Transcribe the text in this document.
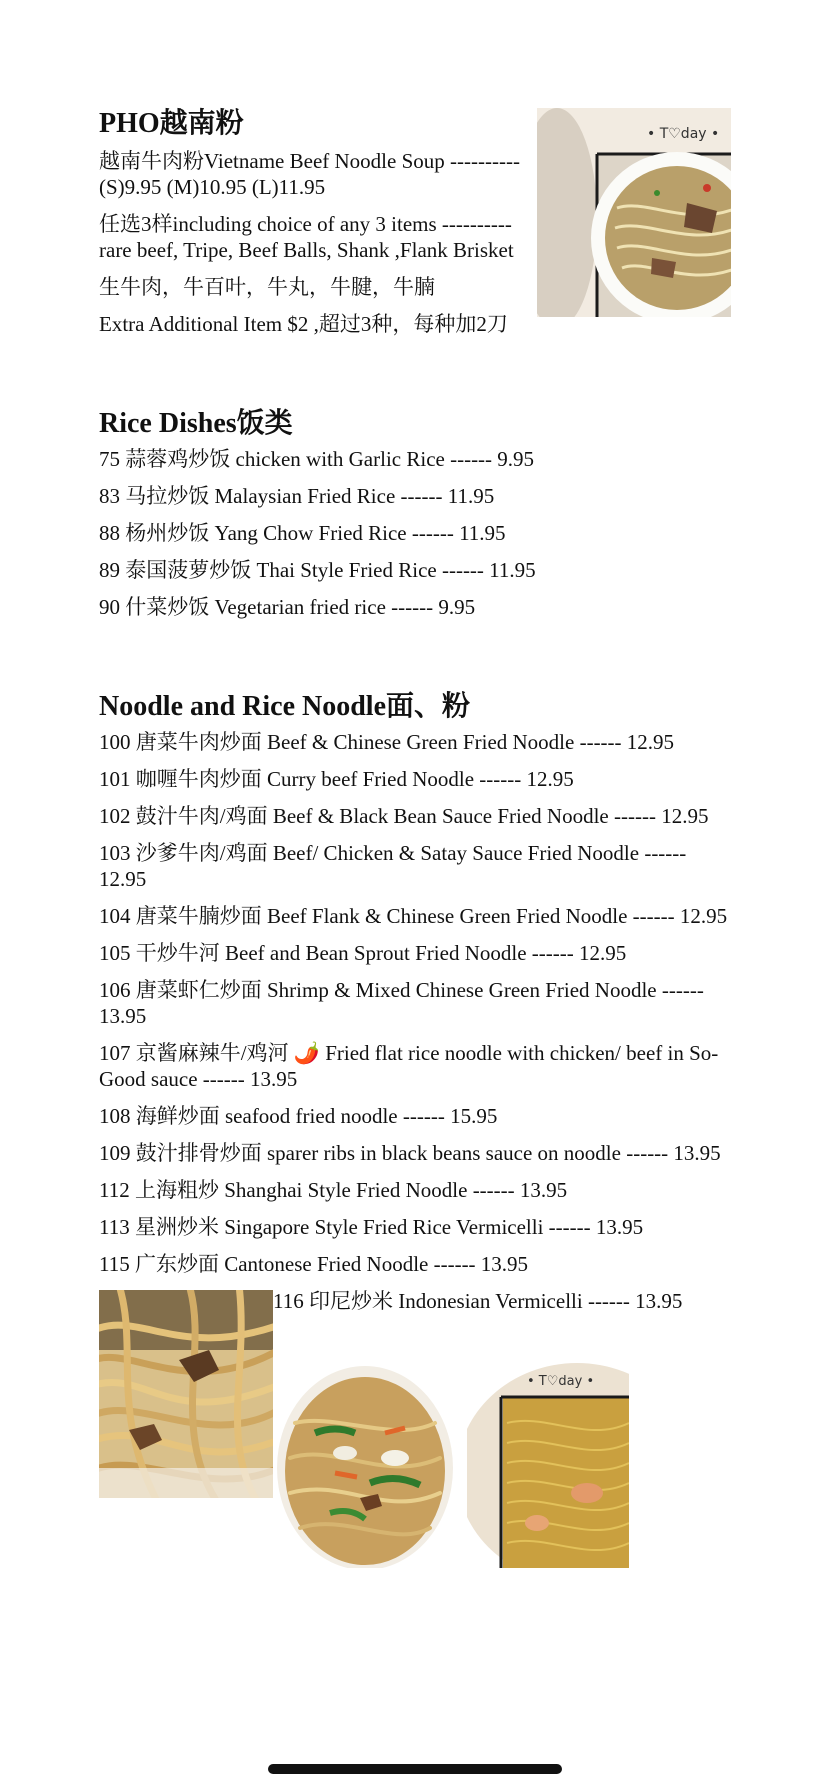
PHO越南粉

越南牛肉粉Vietname Beef Noodle Soup ---------- (S)9.95 (M)10.95 (L)11.95

任选3样including choice of any 3 items ---------- rare beef, Tripe, Beef Balls, Shank ,Flank Brisket

生牛肉，牛百叶，牛丸，牛腱，牛腩

Extra Additional Item $2 ,超过3种，每种加2刀

Rice Dishes饭类

75 蒜蓉鸡炒饭 chicken with Garlic Rice ------ 9.95

83 马拉炒饭 Malaysian Fried Rice ------ 11.95

88 杨州炒饭 Yang Chow Fried Rice ------ 11.95

89 泰国菠萝炒饭 Thai Style Fried Rice ------ 11.95

90 什菜炒饭 Vegetarian fried rice ------ 9.95

Noodle and Rice Noodle面、粉

100 唐菜牛肉炒面 Beef & Chinese Green Fried Noodle ------ 12.95

101 咖喱牛肉炒面 Curry beef Fried Noodle ------ 12.95

102 鼓汁牛肉/鸡面 Beef & Black Bean Sauce Fried Noodle ------ 12.95

103 沙爹牛肉/鸡面 Beef/ Chicken & Satay Sauce Fried Noodle ------ 12.95

104 唐菜牛腩炒面 Beef Flank & Chinese Green Fried Noodle ------ 12.95

105 干炒牛河 Beef and Bean Sprout Fried Noodle ------ 12.95

106 唐菜虾仁炒面 Shrimp & Mixed Chinese Green Fried Noodle ------ 13.95

107 京酱麻辣牛/鸡河 🌶️ Fried flat rice noodle with chicken/ beef in So-Good sauce ------ 13.95

108 海鲜炒面 seafood fried noodle ------ 15.95

109 鼓汁排骨炒面 sparer ribs in black beans sauce on noodle ------ 13.95

112 上海粗炒 Shanghai Style Fried Noodle ------ 13.95

113 星洲炒米 Singapore Style Fried Rice Vermicelli ------ 13.95

115 广东炒面 Cantonese Fried Noodle ------ 13.95

116 印尼炒米 Indonesian Vermicelli ------ 13.95
• T♡day •
• T♡day •
